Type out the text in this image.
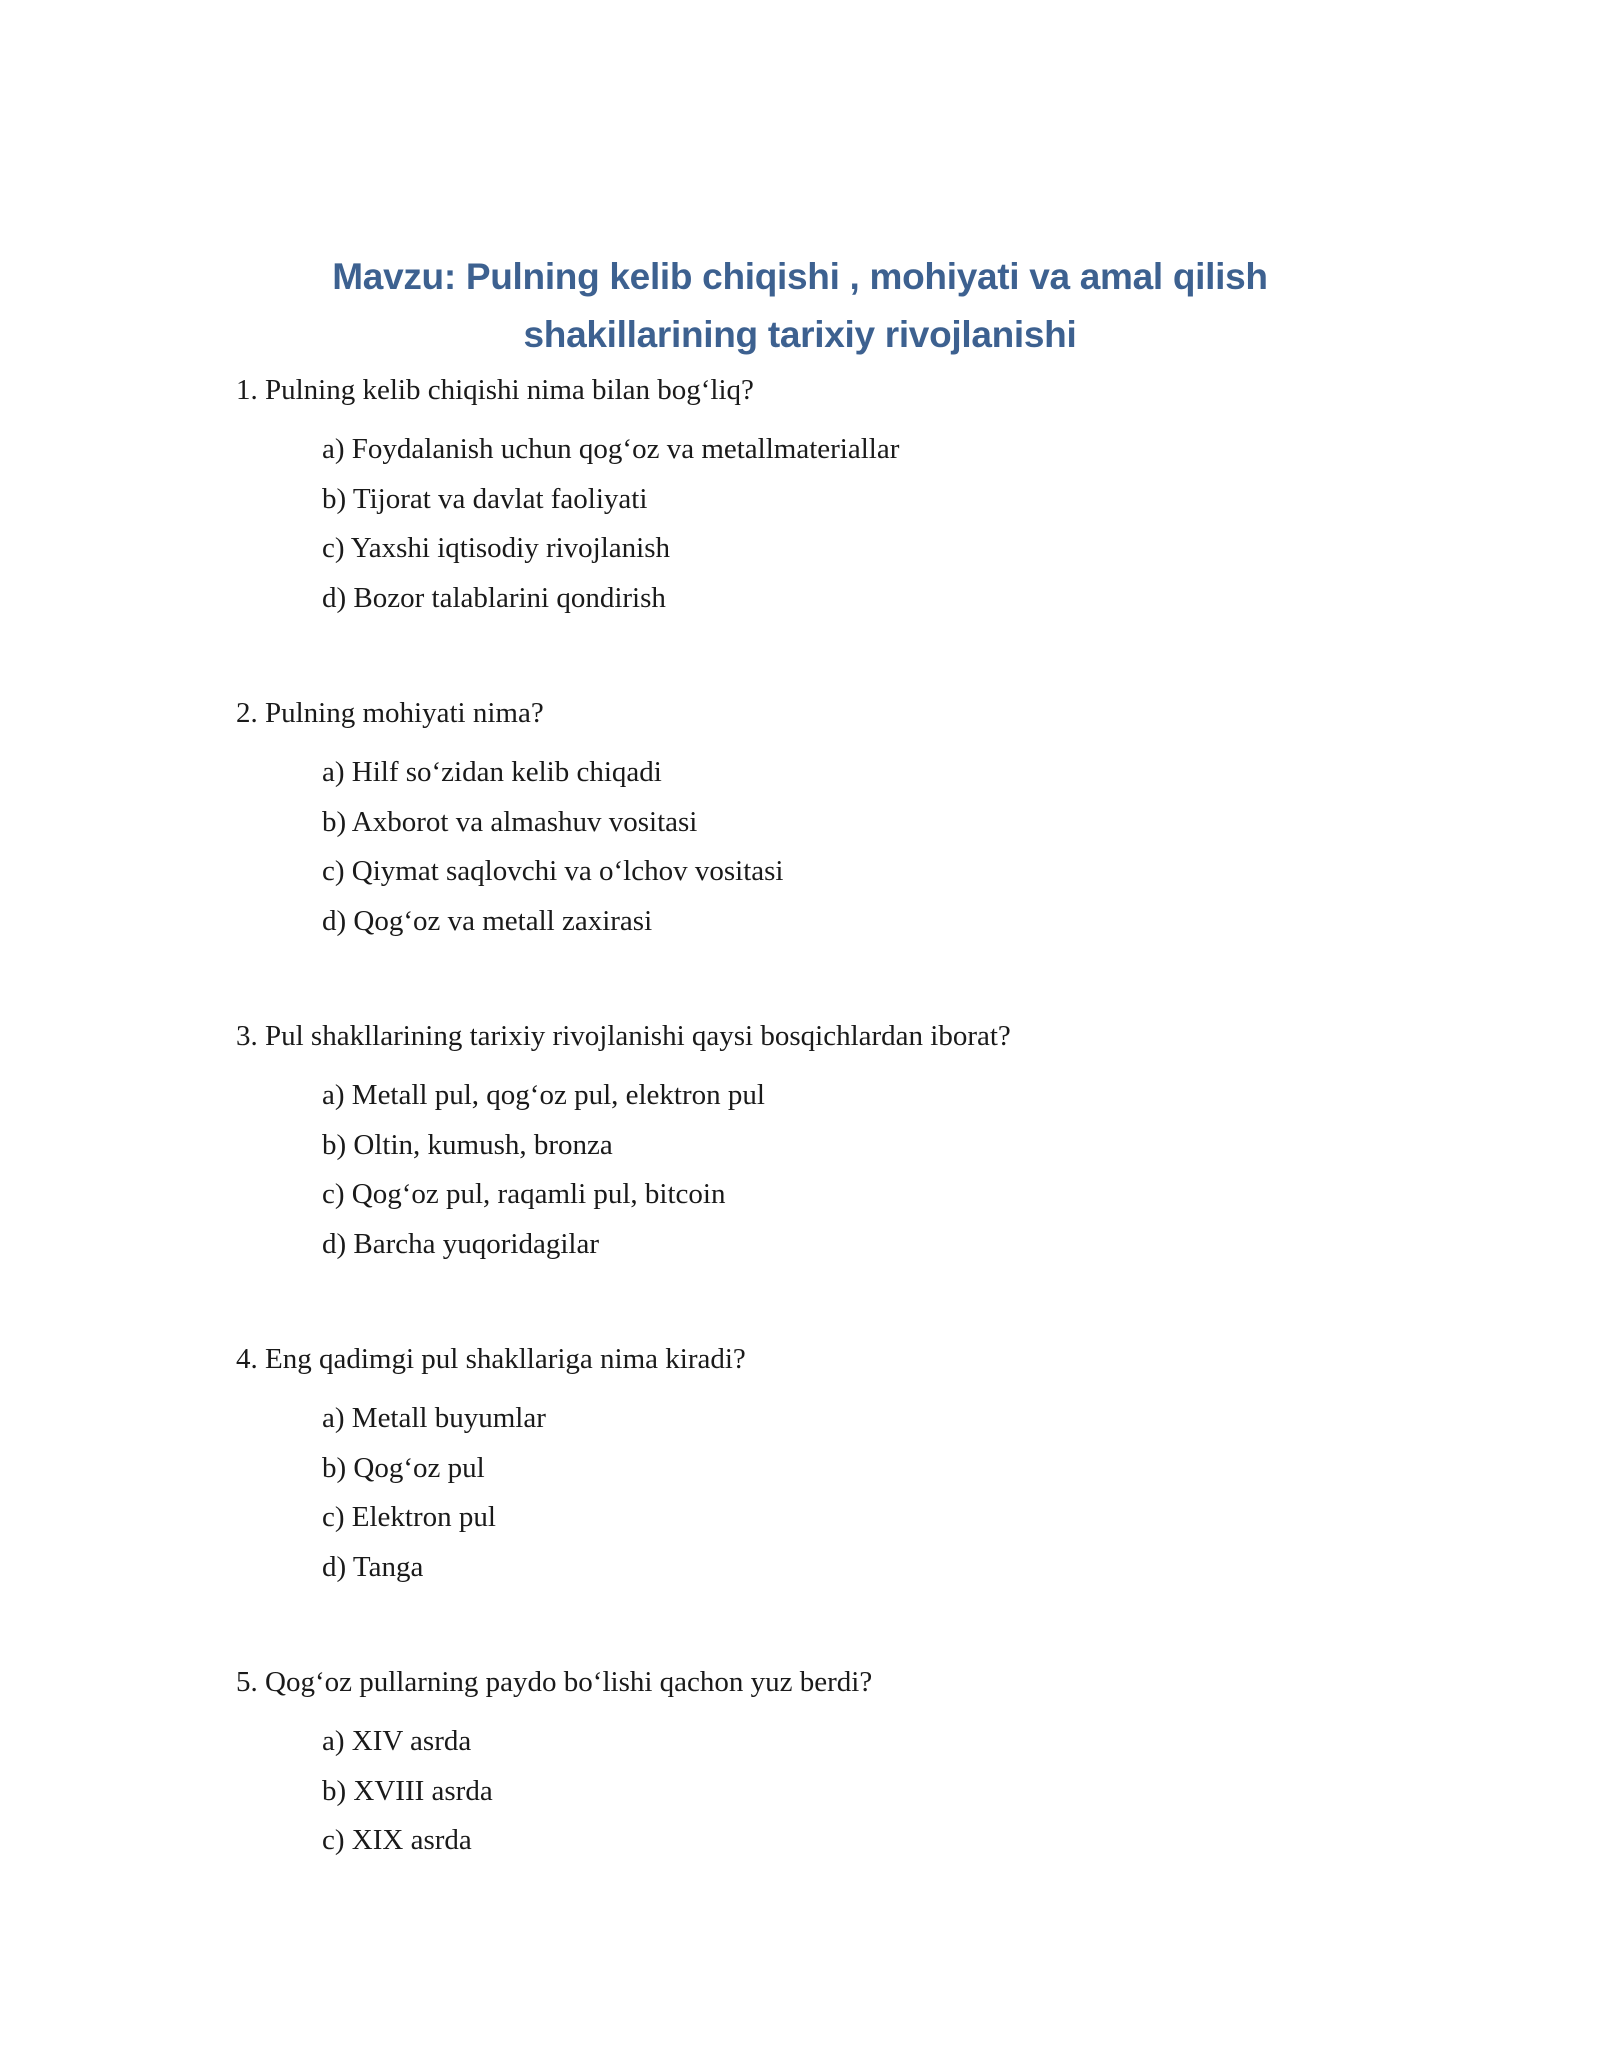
Mavzu: Pulning kelib chiqishi , mohiyati va amal qilish
shakillarining tarixiy rivojlanishi

1. Pulning kelib chiqishi nima bilan bog‘liq?

a) Foydalanish uchun qog‘oz va metallmateriallar
b) Tijorat va davlat faoliyati
c) Yaxshi iqtisodiy rivojlanish
d) Bozor talablarini qondirish

2. Pulning mohiyati nima?

a) Hilf so‘zidan kelib chiqadi
b) Axborot va almashuv vositasi
c) Qiymat saqlovchi va o‘lchov vositasi
d) Qog‘oz va metall zaxirasi

3. Pul shakllarining tarixiy rivojlanishi qaysi bosqichlardan iborat?

a) Metall pul, qog‘oz pul, elektron pul
b) Oltin, kumush, bronza
c) Qog‘oz pul, raqamli pul, bitcoin
d) Barcha yuqoridagilar

4. Eng qadimgi pul shakllariga nima kiradi?

a) Metall buyumlar
b) Qog‘oz pul
c) Elektron pul
d) Tanga

5. Qog‘oz pullarning paydo bo‘lishi qachon yuz berdi?

a) XIV asrda
b) XVIII asrda
c) XIX asrda
